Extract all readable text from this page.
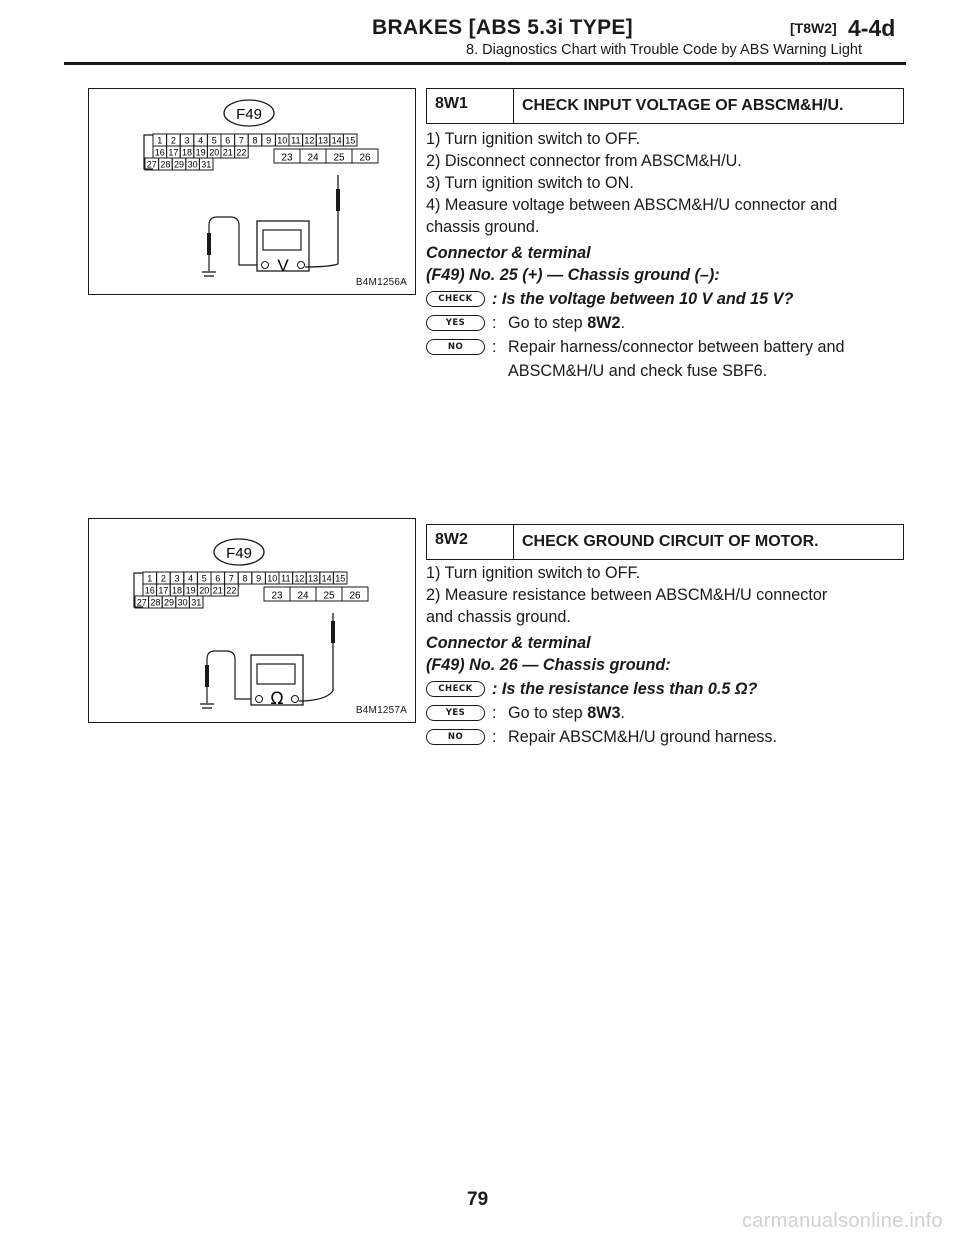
BRAKES [ABS 5.3i TYPE]	[T8W2] 4-4d
8. Diagnostics Chart with Trouble Code by ABS Warning Light
F49
1 2 3 4 5 6 7 8 9 10 11 12 13 14 15
16 17 18 19 20 21 22
27 28 29 30 31
23 24 25 26
V
B4M1256A
F49
1 2 3 4 5 6 7 8 9 10 11 12 13 14 15
16 17 18 19 20 21 22
27 28 29 30 31
23 24 25 26
Ω
B4M1257A
8W1	CHECK INPUT VOLTAGE OF ABSCM&H/U.
1) Turn ignition switch to OFF.
2) Disconnect connector from ABSCM&H/U.
3) Turn ignition switch to ON.
4) Measure voltage between ABSCM&H/U connector and
chassis ground.
Connector & terminal
(F49) No. 25 (+) — Chassis ground (–):
CHECK	: Is the voltage between 10 V and 15 V?
YES	: Go to step 8W2.
NO	: Repair harness/connector between battery and
ABSCM&H/U and check fuse SBF6.
8W2	CHECK GROUND CIRCUIT OF MOTOR.
1) Turn ignition switch to OFF.
2) Measure resistance between ABSCM&H/U connector
and chassis ground.
Connector & terminal
(F49) No. 26 — Chassis ground:
CHECK	: Is the resistance less than 0.5 Ω?
YES	: Go to step 8W3.
NO	: Repair ABSCM&H/U ground harness.
79
carmanualsonline.info
